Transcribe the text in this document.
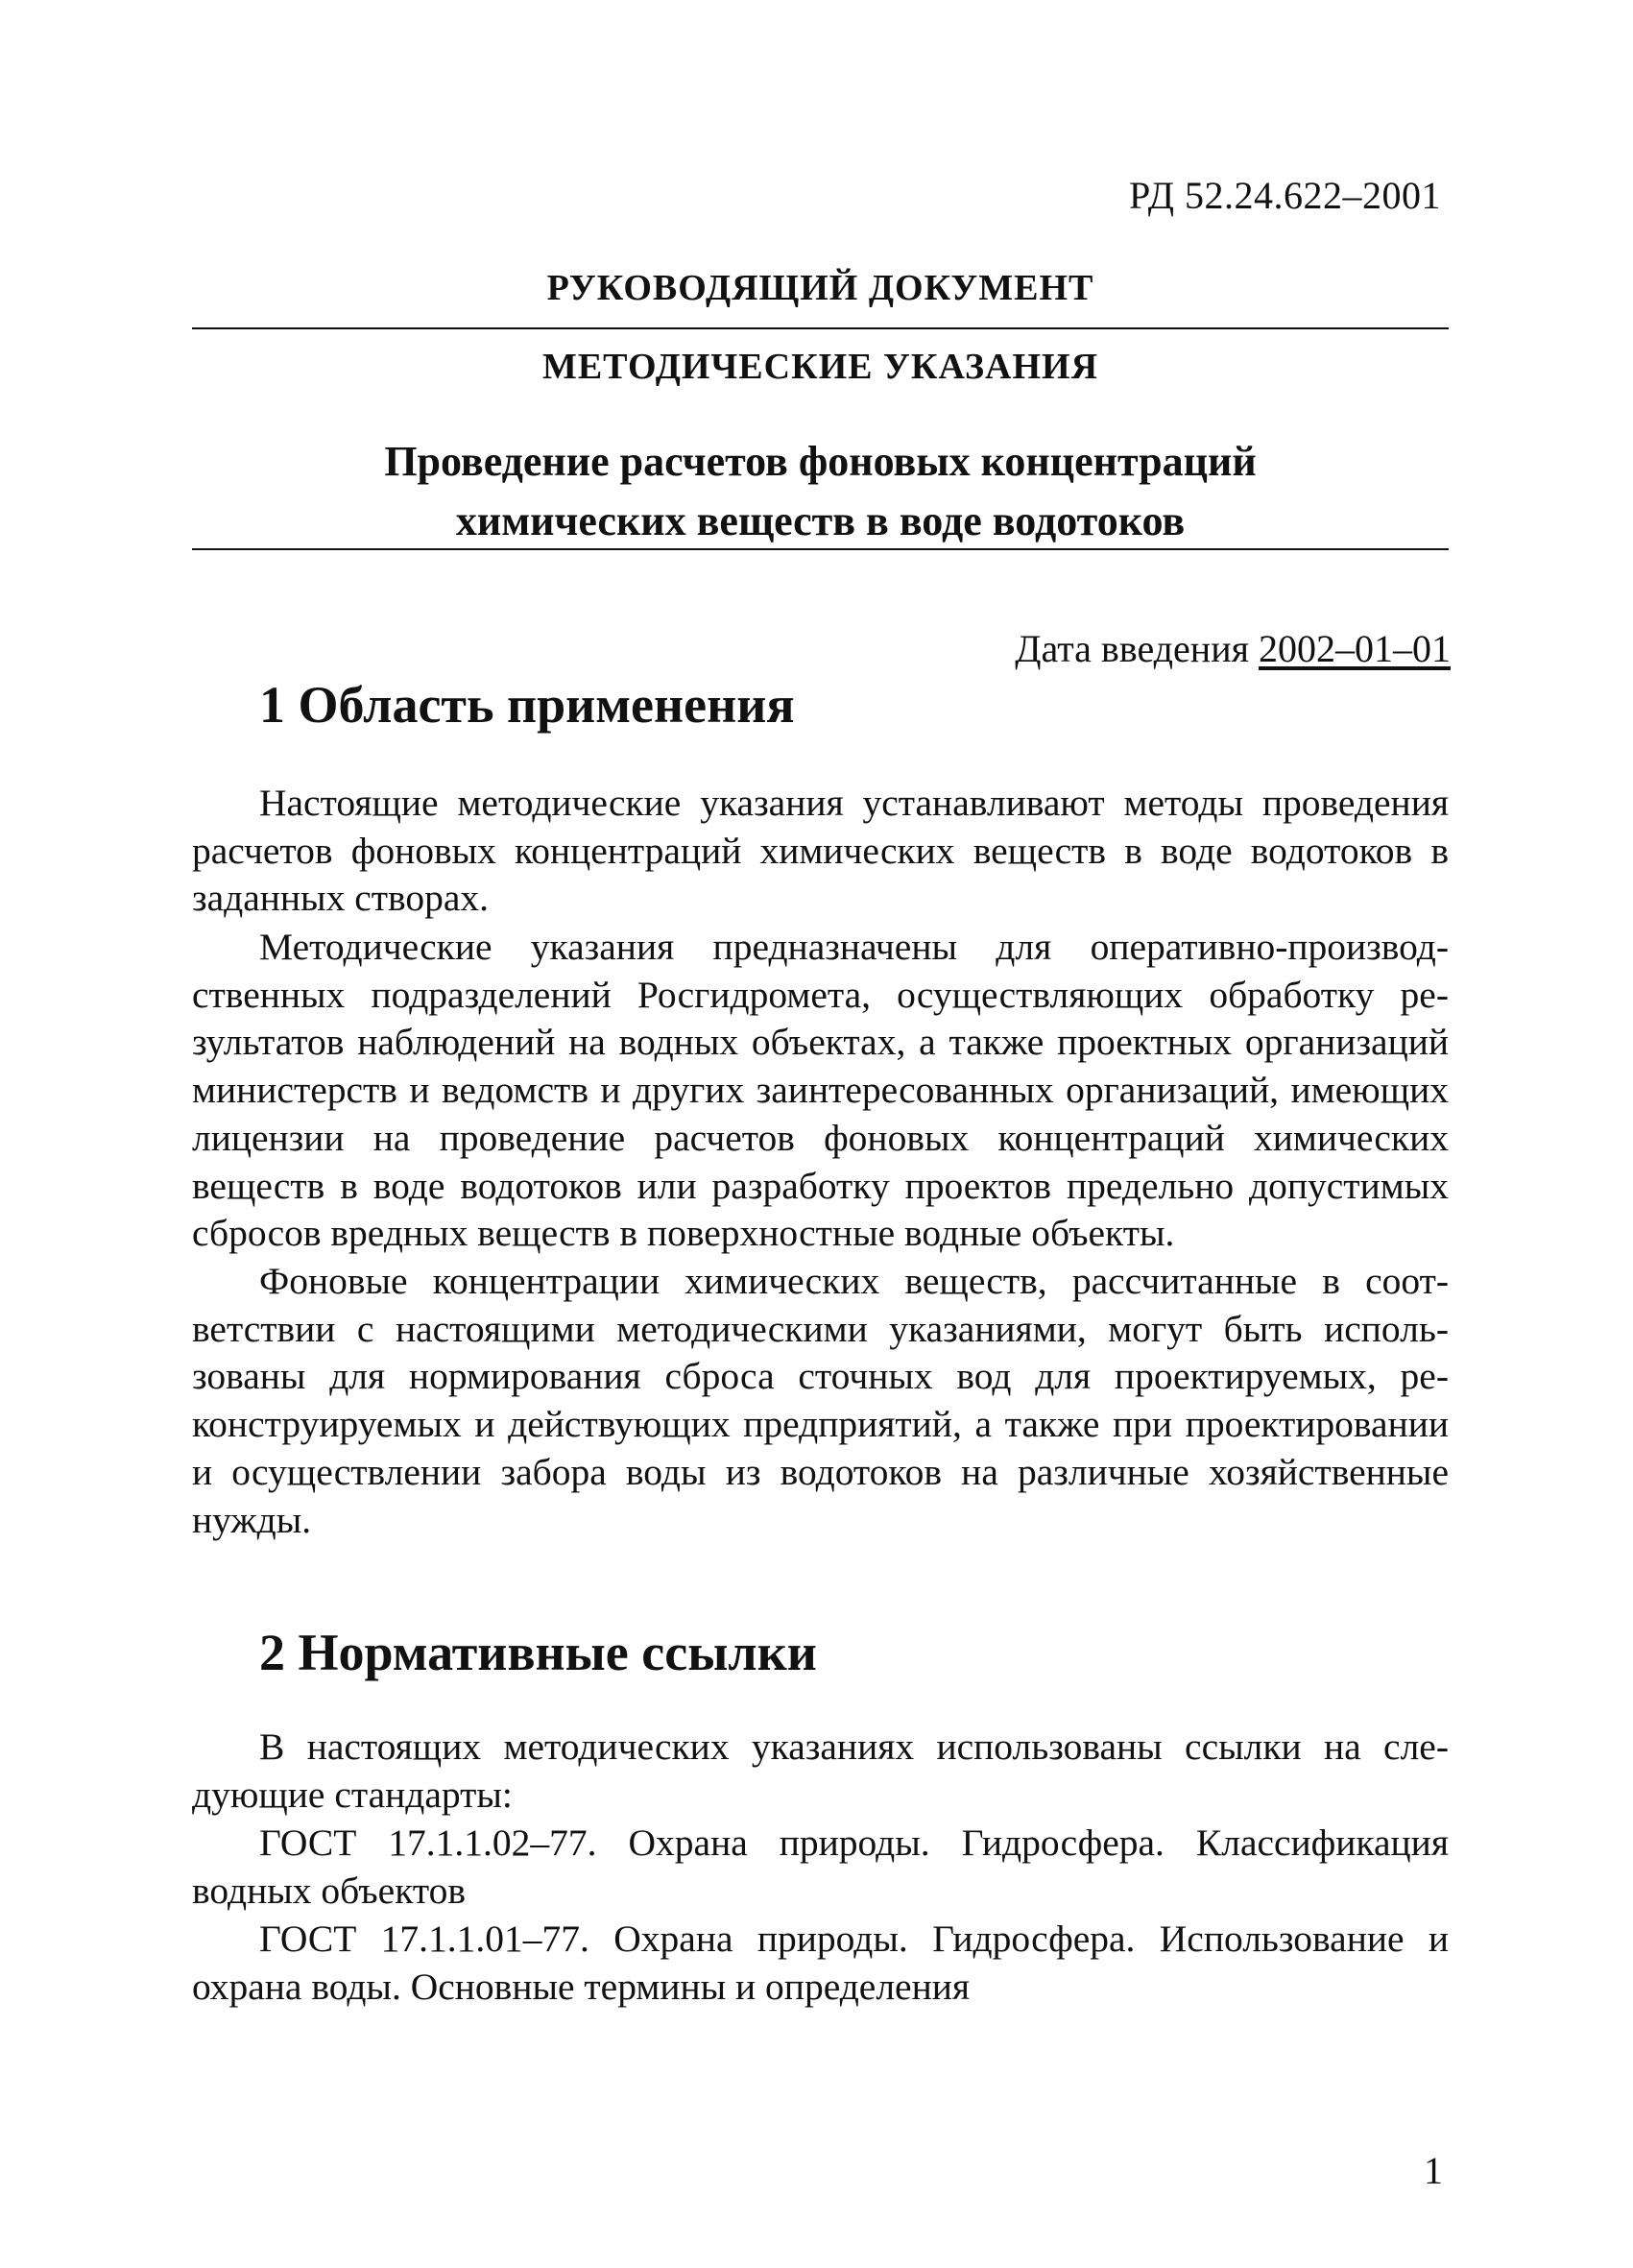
РД 52.24.622–2001
РУКОВОДЯЩИЙ ДОКУМЕНТ
МЕТОДИЧЕСКИЕ УКАЗАНИЯ
Проведение расчетов фоновых концентраций
химических веществ в воде водотоков
Дата введения 2002–01–01
1 Область применения
Настоящие методические указания устанавливают методы проведения расчетов фоновых концентраций химических веществ в воде водотоков в заданных створах.
Методические указания предназначены для оперативно-производственных подразделений Росгидромета, осуществляющих обработку результатов наблюдений на водных объектах, а также проектных организаций министерств и ведомств и других заинтересованных организаций, имеющих лицензии на проведение расчетов фоновых концентраций химических веществ в воде водотоков или разработку проектов предельно допустимых сбросов вредных веществ в поверхностные водные объекты.
Фоновые концентрации химических веществ, рассчитанные в соответствии с настоящими методическими указаниями, могут быть использованы для нормирования сброса сточных вод для проектируемых, реконструируемых и действующих предприятий, а также при проектировании и осуществлении забора воды из водотоков на различные хозяйственные нужды.
2 Нормативные ссылки
В настоящих методических указаниях использованы ссылки на следующие стандарты:
ГОСТ 17.1.1.02–77. Охрана природы. Гидросфера. Классификация водных объектов
ГОСТ 17.1.1.01–77. Охрана природы. Гидросфера. Использование и охрана воды. Основные термины и определения
1
